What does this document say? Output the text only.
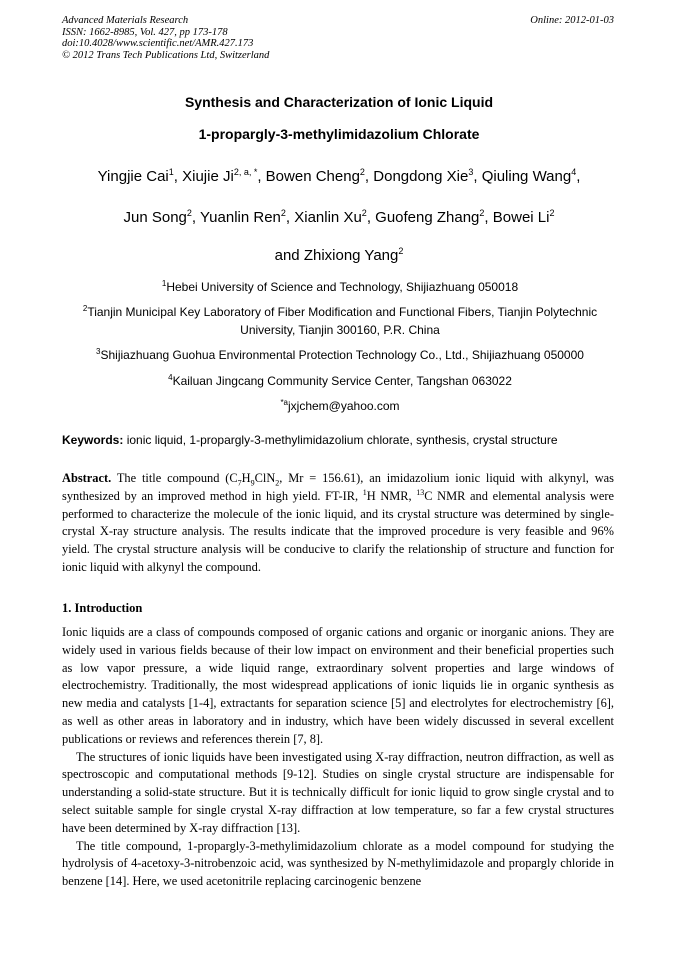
Advanced Materials Research
ISSN: 1662-8985, Vol. 427, pp 173-178
doi:10.4028/www.scientific.net/AMR.427.173
© 2012 Trans Tech Publications Ltd, Switzerland
Online: 2012-01-03
Synthesis and Characterization of Ionic Liquid
1-propargly-3-methylimidazolium Chlorate
Yingjie Cai$^1$, Xiujie $Ji^{2, a, *}$, Bowen Cheng$^2$, Dongdong Xie$^3$, Qiuling Wang$^4$,
Jun Song$^2$, Yuanlin Ren$^2$, Xianlin Xu$^2$, Guofeng Zhang$^2$, Bowei Li$^2$
and Zhixiong Yang$^2$
$^1$Hebei University of Science and Technology, Shijiazhuang 050018
$^2$Tianjin Municipal Key Laboratory of Fiber Modification and Functional Fibers, Tianjin Polytechnic University, Tianjin 300160, P.R. China
$^3$Shijiazhuang Guohua Environmental Protection Technology Co., Ltd., Shijiazhuang 050000
$^4$Kailuan Jingcang Community Service Center, Tangshan 063022
$^{*a}$jxjchem@yahoo.com
Keywords: ionic liquid, 1-propargly-3-methylimidazolium chlorate, synthesis, crystal structure
Abstract. The title compound ($C_7H_9ClN_2$, Mr = 156.61), an imidazolium ionic liquid with alkynyl, was synthesized by an improved method in high yield. FT-IR, $^1$H NMR, $^{13}$C NMR and elemental analysis were performed to characterize the molecule of the ionic liquid, and its crystal structure was determined by single-crystal X-ray structure analysis. The results indicate that the improved procedure is very feasible and 96% yield. The crystal structure analysis will be conducive to clarify the relationship of structure and function for ionic liquid with alkynyl the compound.
1. Introduction

Ionic liquids are a class of compounds composed of organic cations and organic or inorganic anions. They are widely used in various fields because of their low impact on environment and their beneficial properties such as low vapor pressure, a wide liquid range, extraordinary solvent properties and large windows of electrochemistry. Traditionally, the most widespread applications of ionic liquids lie in organic synthesis as new media and catalysts [1-4], extractants for separation science [5] and electrolytes for electrochemistry [6], as well as other areas in laboratory and in industry, which have been widely discussed in several excellent publications or reviews and references therein [7, 8].

The structures of ionic liquids have been investigated using X-ray diffraction, neutron diffraction, as well as spectroscopic and computational methods [9-12]. Studies on single crystal structure are indispensable for understanding a solid-state structure. But it is technically difficult for ionic liquid to grow single crystal and to select suitable sample for single crystal X-ray diffraction at low temperature, so far a few crystal structures have been determined by X-ray diffraction [13].

The title compound, 1-propargly-3-methylimidazolium chlorate as a model compound for studying the hydrolysis of 4-acetoxy-3-nitrobenzoic acid, was synthesized by N-methylimidazole and propargly chloride in benzene [14]. Here, we used acetonitrile replacing carcinogenic benzene
